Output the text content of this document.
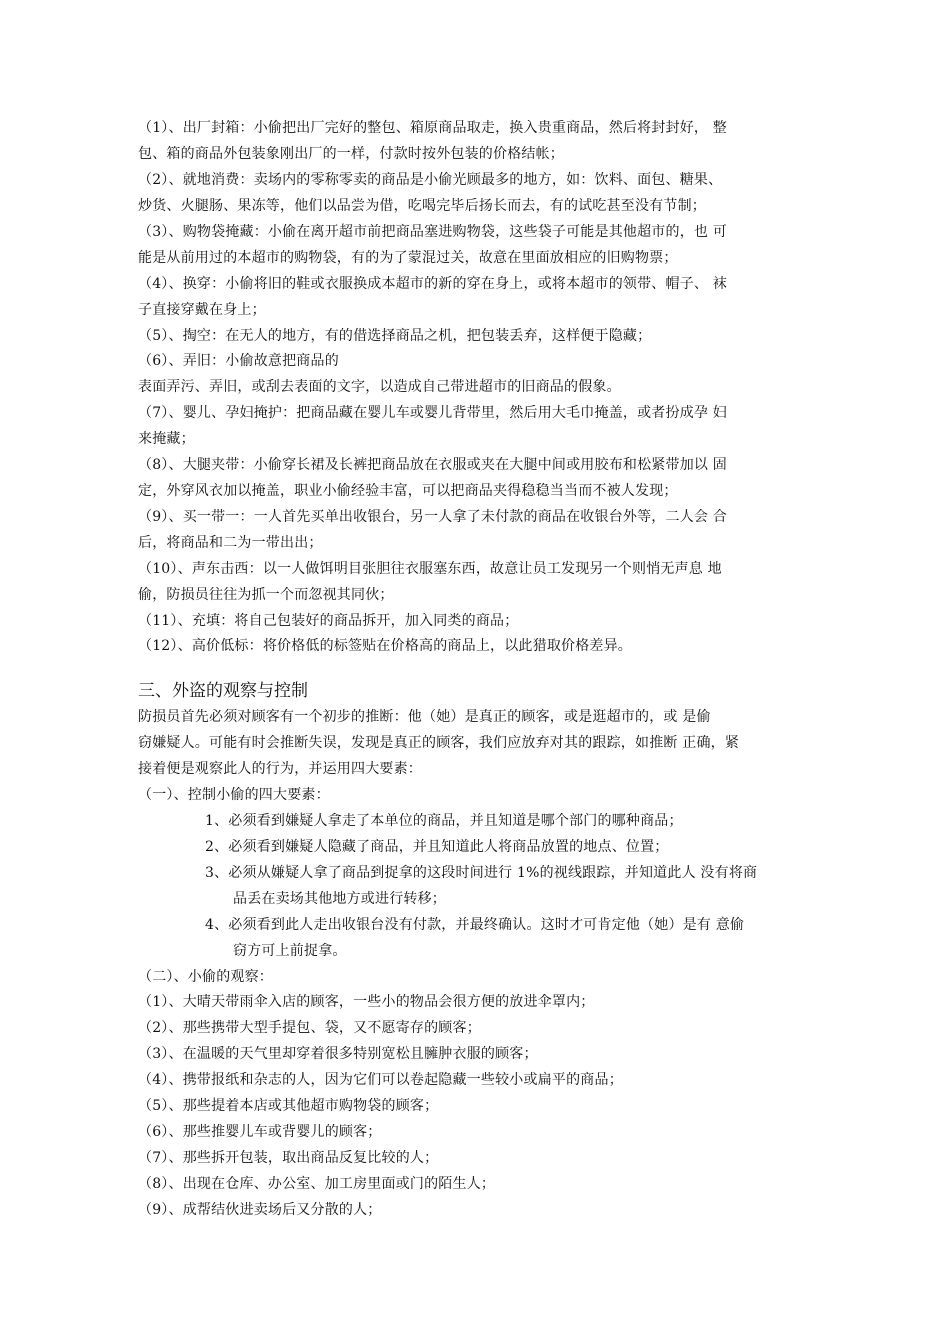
（1）、出厂封箱：小偷把出厂完好的整包、箱原商品取走，换入贵重商品，然后将封封好， 整
包、箱的商品外包装象刚出厂的一样，付款时按外包装的价格结帐；
（2）、就地消费：卖场内的零称零卖的商品是小偷光顾最多的地方，如：饮料、面包、糖果、
炒货、火腿肠、果冻等，他们以品尝为借，吃喝完毕后扬长而去，有的试吃甚至没有节制；
（3）、购物袋掩藏：小偷在离开超市前把商品塞进购物袋，这些袋子可能是其他超市的，也 可
能是从前用过的本超市的购物袋，有的为了蒙混过关，故意在里面放相应的旧购物票；
（4）、换穿：小偷将旧的鞋或衣服换成本超市的新的穿在身上，或将本超市的领带、帽子、 袜
子直接穿戴在身上；
（5）、掏空：在无人的地方，有的借选择商品之机，把包装丢弃，这样便于隐藏；
（6）、弄旧：小偷故意把商品的
表面弄污、弄旧，或刮去表面的文字，以造成自己带进超市的旧商品的假象。
（7）、婴儿、孕妇掩护：把商品藏在婴儿车或婴儿背带里，然后用大毛巾掩盖，或者扮成孕 妇
来掩藏；
（8）、大腿夹带：小偷穿长裙及长裤把商品放在衣服或夹在大腿中间或用胶布和松紧带加以 固
定，外穿风衣加以掩盖，职业小偷经验丰富，可以把商品夹得稳稳当当而不被人发现；
（9）、买一带一：一人首先买单出收银台，另一人拿了未付款的商品在收银台外等，二人会 合
后，将商品和二为一带出出；
（10）、声东击西：以一人做饵明目张胆往衣服塞东西，故意让员工发现另一个则悄无声息 地
偷，防损员往往为抓一个而忽视其同伙；
（11）、充填：将自己包装好的商品拆开，加入同类的商品；
（12）、高价低标：将价格低的标签贴在价格高的商品上，以此猎取价格差异。
三、外盗的观察与控制
防损员首先必须对顾客有一个初步的推断：他（她）是真正的顾客，或是逛超市的，或 是偷
窃嫌疑人。可能有时会推断失误，发现是真正的顾客，我们应放弃对其的跟踪，如推断 正确，紧
接着便是观察此人的行为，并运用四大要素：
（一）、控制小偷的四大要素：
1、必须看到嫌疑人拿走了本单位的商品，并且知道是哪个部门的哪种商品；
2、必须看到嫌疑人隐藏了商品，并且知道此人将商品放置的地点、位置；
3、必须从嫌疑人拿了商品到捉拿的这段时间进行 1%的视线跟踪，并知道此人 没有将商
品丢在卖场其他地方或进行转移；
4、必须看到此人走出收银台没有付款，并最终确认。这时才可肯定他（她）是有 意偷
窃方可上前捉拿。
（二）、小偷的观察：
（1）、大晴天带雨伞入店的顾客，一些小的物品会很方便的放进伞罩内；
（2）、那些携带大型手提包、袋，又不愿寄存的顾客；
（3）、在温暖的天气里却穿着很多特别宽松且臃肿衣服的顾客；
（4）、携带报纸和杂志的人，因为它们可以卷起隐藏一些较小或扁平的商品；
（5）、那些提着本店或其他超市购物袋的顾客；
（6）、那些推婴儿车或背婴儿的顾客；
（7）、那些拆开包装，取出商品反复比较的人；
（8）、出现在仓库、办公室、加工房里面或门的陌生人；
（9）、成帮结伙进卖场后又分散的人；
